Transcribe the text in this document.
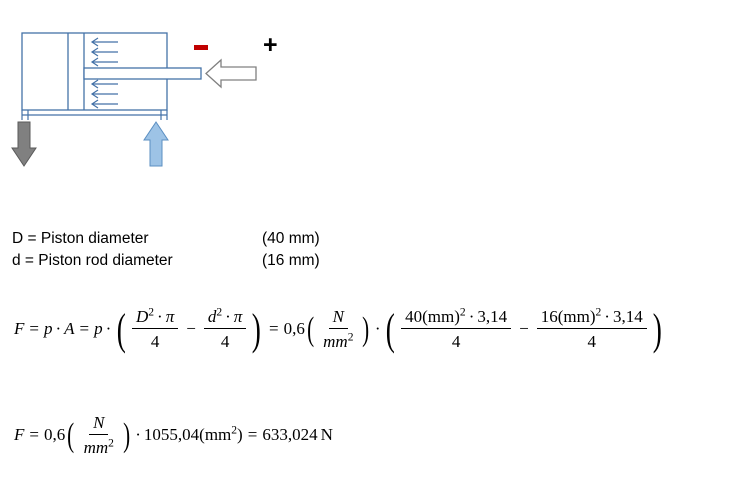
+
D = Piston diameter	(40 mm)
d = Piston rod diameter	(16 mm)
F = p · A = p · ( $\frac{D^2 \cdot \pi}{4} - \frac{d^2 \cdot \pi}{4}$ ) = 0,6 ( $\frac{N}{mm^2}$ ) · ( $\frac{40(mm)^2 \cdot 3,14}{4} - \frac{16(mm)^2 \cdot 3,14}{4}$ )
F = 0,6 ( $\frac{N}{mm^2}$ ) · $1055,04(mm^2) = 633,024$ N
